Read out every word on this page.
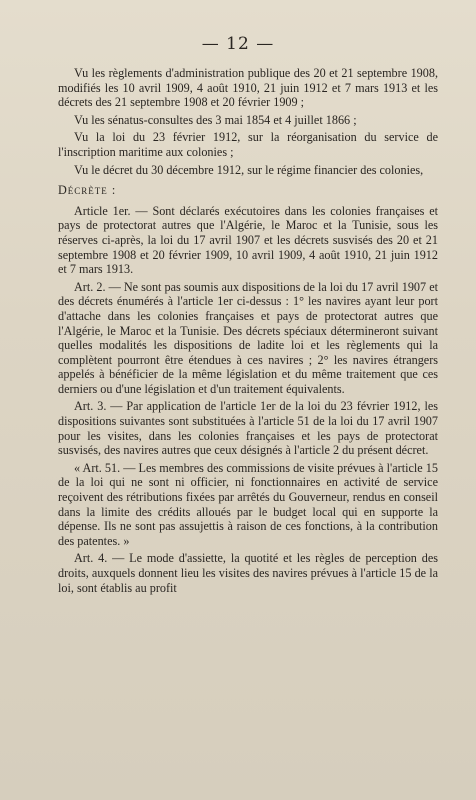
— 12 —

Vu les règlements d'administration publique des 20 et 21 septembre 1908, modifiés les 10 avril 1909, 4 août 1910, 21 juin 1912 et 7 mars 1913 et les décrets des 21 septembre 1908 et 20 février 1909 ;

Vu les sénatus-consultes des 3 mai 1854 et 4 juillet 1866 ;

Vu la loi du 23 février 1912, sur la réorganisation du service de l'inscription maritime aux colonies ;

Vu le décret du 30 décembre 1912, sur le régime financier des colonies,

Décrète :

Article 1er. — Sont déclarés exécutoires dans les colonies françaises et pays de protectorat autres que l'Algérie, le Maroc et la Tunisie, sous les réserves ci-après, la loi du 17 avril 1907 et les décrets susvisés des 20 et 21 septembre 1908 et 20 février 1909, 10 avril 1909, 4 août 1910, 21 juin 1912 et 7 mars 1913.

Art. 2. — Ne sont pas soumis aux dispositions de la loi du 17 avril 1907 et des décrets énumérés à l'article 1er ci-dessus : 1° les navires ayant leur port d'attache dans les colonies françaises et pays de protectorat autres que l'Algérie, le Maroc et la Tunisie. Des décrets spéciaux détermineront suivant quelles modalités les dispositions de ladite loi et les règlements qui la complètent pourront être étendues à ces navires ; 2° les navires étrangers appelés à bénéficier de la même législation et du même traitement que ces derniers ou d'une législation et d'un traitement équivalents.

Art. 3. — Par application de l'article 1er de la loi du 23 février 1912, les dispositions suivantes sont substituées à l'article 51 de la loi du 17 avril 1907 pour les visites, dans les colonies françaises et les pays de protectorat susvisés, des navires autres que ceux désignés à l'article 2 du présent décret.

« Art. 51. — Les membres des commissions de visite prévues à l'article 15 de la loi qui ne sont ni officier, ni fonctionnaires en activité de service reçoivent des rétributions fixées par arrêtés du Gouverneur, rendus en conseil dans la limite des crédits alloués par le budget local qui en supporte la dépense. Ils ne sont pas assujettis à raison de ces fonctions, à la contribution des patentes. »

Art. 4. — Le mode d'assiette, la quotité et les règles de perception des droits, auxquels donnent lieu les visites des navires prévues à l'article 15 de la loi, sont établis au profit
